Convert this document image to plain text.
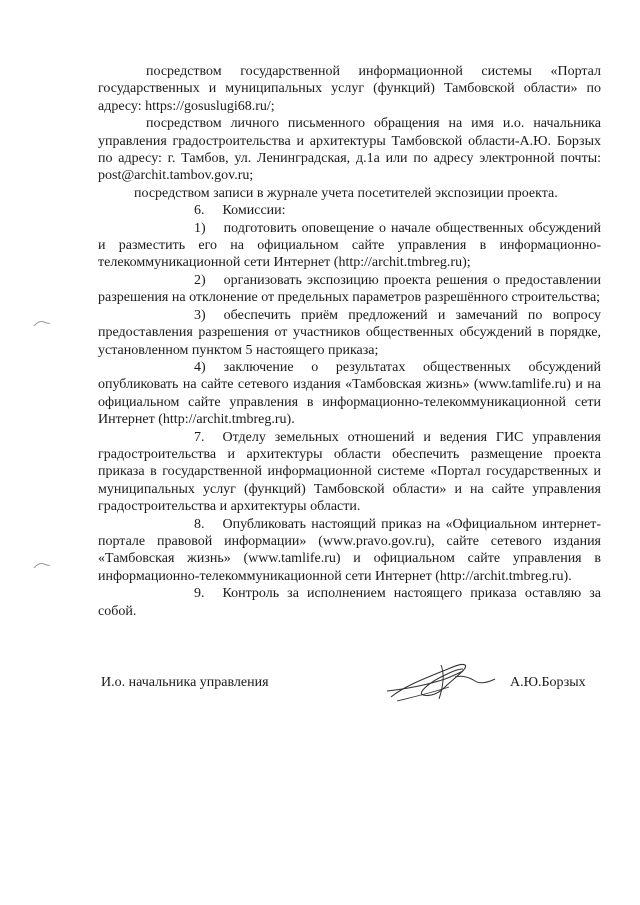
посредством государственной информационной системы «Портал государственных и муниципальных услуг (функций) Тамбовской области» по адресу: https://gosuslugi68.ru/;

посредством личного письменного обращения на имя и.о. начальника управления градостроительства и архитектуры Тамбовской области-А.Ю. Борзых по адресу: г. Тамбов, ул. Ленинградская, д.1а или по адресу электронной почты: post@archit.tambov.gov.ru;

посредством записи в журнале учета посетителей экспозиции проекта.

6. Комиссии:

1) подготовить оповещение о начале общественных обсуждений и разместить его на официальном сайте управления в информационно-телекоммуникационной сети Интернет (http://archit.tmbreg.ru);

2) организовать экспозицию проекта решения о предоставлении разрешения на отклонение от предельных параметров разрешённого строительства;

3) обеспечить приём предложений и замечаний по вопросу предоставления разрешения от участников общественных обсуждений в порядке, установленном пунктом 5 настоящего приказа;

4) заключение о результатах общественных обсуждений опубликовать на сайте сетевого издания «Тамбовская жизнь» (www.tamlife.ru) и на официальном сайте управления в информационно-телекоммуникационной сети Интернет (http://archit.tmbreg.ru).

7. Отделу земельных отношений и ведения ГИС управления градостроительства и архитектуры области обеспечить размещение проекта приказа в государственной информационной системе «Портал государственных и муниципальных услуг (функций) Тамбовской области» и на сайте управления градостроительства и архитектуры области.

8. Опубликовать настоящий приказ на «Официальном интернет-портале правовой информации» (www.pravo.gov.ru), сайте сетевого издания «Тамбовская жизнь» (www.tamlife.ru) и официальном сайте управления в информационно-телекоммуникационной сети Интернет (http://archit.tmbreg.ru).

9. Контроль за исполнением настоящего приказа оставляю за собой.

И.о. начальника управления	А.Ю.Борзых
